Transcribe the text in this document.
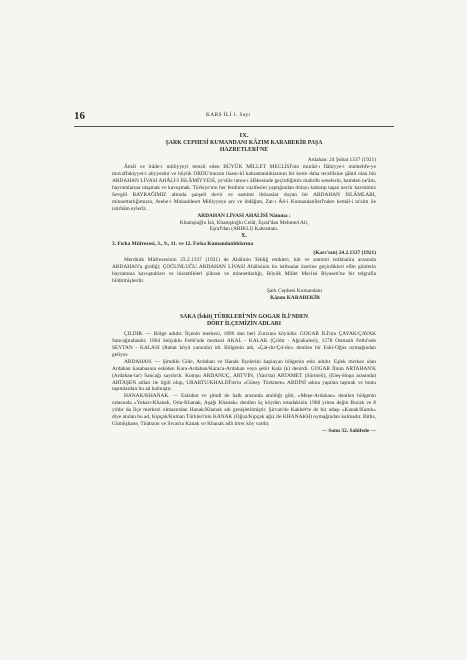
16	KARS İLİ 1. Sayı
IX.
ŞARK CEPHESİ KUMANDANI KÂZIM KARABEKİR PAŞA
HAZRETLERİ'NE

Ardahan: 24 Şubat 1337 (1921)

Âmâl ve irâde-i milliyyeyi temsil eden BÜYÜK MİLLET MECLİSİ'nin murâd-ı İlâhiyye-i muhtelife-ye muvaffakiyyet-i aliyyesini ve büyük ORDU'muzun lisanı-lıl kahramanlıklarının bir kerre daha tecellisine şâhid olan bin ARDAHAN LİVASI AHÂLİ-İ İSLÂMİYYESİ, ye'slile umur-ı âfâkesinde geçirdiğimiz mahrûb senelerin, hamden ne'âm, bayramlarına ulaşmak ve kavuşmak. Türkiye'nin her ferdinin vazifesini yaptığından dolayı kabarıp taşan neciir kavmimiz Sevgili BAYRAĞIMIZ altında şanşeli devir ve samimi ihtisaslar duyan bir ARDAHAN İSLÂMLARI, minnettarlığımızın, Atebe-i Mukaddeset Milliyyeye arz ve ibdâğım, Zat-ı Âli-i Kumandanîlerî'nden kemâl-i ta'zim ile istirhâm eylerîz.

ARDAHAN LİVASI AHALİSİ Nâmına :

Khamşioğlu İsâ, Khamşioğlu Celâl, Eşraf'dan Mehmed Ali,

Eşraf'dan (ARIKLI) Kahraman.

X.

3. Fırka Müfrezesi, 3., 9., 11. ve 12. Fırka Kumandanlıklarına

(Kars'tan) 24.2.1337 (1921)

Merdinik Müfrezesinin 23.2.1337 (1921) de Ahâlinin Tebliğ ettikleri, hâr ve samimi istikbalini arasında ARDAHAN'a girdiği; ÇOĞUNLUĞU ARDAHAN LİVASI Ahâlisinin bu istihsalat üzerine geçirdikleri elîm günlerin bayramına kavuştukları ve hissettikleri şükran ve minnetdarlığı, Büyük Millet Meclisi Riyaseti'ne bir telgrafla bildirmişlerdir.

Şark Cephesi Kumandanı

Kâzım KARABEKİR

SAKA (İskit) TÜRKLERİ'NİN GOGAR İLİ'NDEN
DÖRT İLÇEMİZİN ADLARI

ÇILDIR. — Bölge adıdır. İlçenin merkezi, 1890 dan beri Zurzuna köyüdür. GOGAR İLİ'nin ÇAYAK/ÇAVAK Sancağındandır. 1064 Selçuklu Fethi'nde merkezi AKAL - KALAK (Çıldır - Ağcakalesi), 1578 Osmanlı Fethi'nde SEYTAN - KALASI (Rabat köyü yanında) idi. Bölgenin adı, «Çal-dır/Çıl-dır» denilen bir Eski-Oğuz oymağından geliyor.

ARDAHAN. — Şimdiki Göle, Ardahan ve Hanak İlçelerini kaplayan bölgenin eski adıdır. Eşlek merkez olan Ardahan kasabasına eskiden Kara-Ardahan/Karaca-Ardahan veya şehir Kala (k) denirdi. GOGAR İlinin ARTAHAN'K (Ardahan-lar) Sancağı sayılırdı. Komşu ARDANUÇ, ARTVİN, (Yan'da) ARTAMET (Sürmeli), (Eleş-Hopa arasında) ARTAŞEN adları ile ilgili olup, URARTU/KHALDİ'lerin «Güney Türkmen» ARDİNİ adına yapılan taşmak ve bunu taşımlardan bu ad kalmıştır.

HANAK/KHANAK. — Eskiden ve şimdi de halk arasında anıldığı gibi, «Meşe-Ardahan» denilen bölgenin ortasında «Yukarı-Khanak, Orta-Khanak, Aşağı Khanak» denilen üç köyden ortadakinin 1968 yılına değin Bucak ve 8 yıldır da İlçe merkezi olmasından Hanak/Khanak adı genişletilmiştir. Şirvan'de Kakhet'te de bir adaşı «Kanak/Kamk» diye anılan bu ad, Kıpçak/Kuman Türkleri'nin KANAK (Oğuz/Kıpçak ağız ile KHANAKH) oymağından kalmadır. Bitlis, Gümüşhane, Tirabzon ve Sivas'ta Kanak ve Khanak adlı birer köy vardır.

— Sonu 32. Sahifede —
